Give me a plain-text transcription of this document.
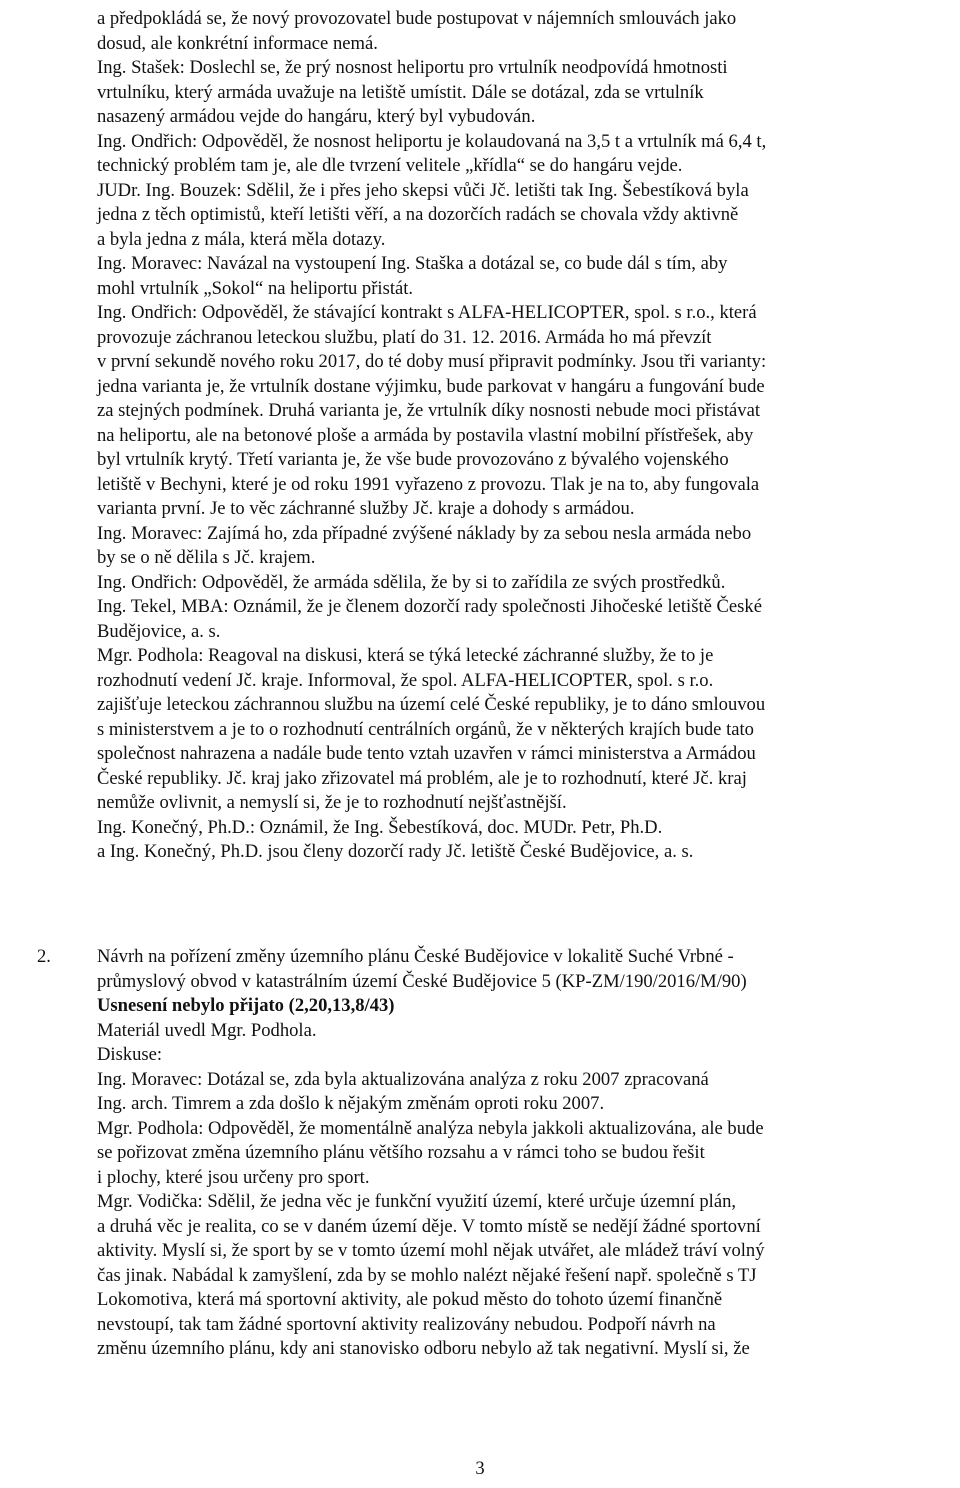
a předpokládá se, že nový provozovatel bude postupovat v nájemních smlouvách jako
dosud, ale konkrétní informace nemá.
Ing. Stašek: Doslechl se, že prý nosnost heliportu pro vrtulník neodpovídá hmotnosti
vrtulníku, který armáda uvažuje na letiště umístit. Dále se dotázal, zda se vrtulník
nasazený armádou vejde do hangáru, který byl vybudován.
Ing. Ondřich: Odpověděl, že nosnost heliportu je kolaudovaná na 3,5 t a vrtulník má 6,4 t,
technický problém tam je, ale dle tvrzení velitele „křídla“ se do hangáru vejde.
JUDr. Ing. Bouzek: Sdělil, že i přes jeho skepsi vůči Jč. letišti tak Ing. Šebestíková byla
jedna z těch optimistů, kteří letišti věří, a na dozorčích radách se chovala vždy aktivně
a byla jedna z mála, která měla dotazy.
Ing. Moravec: Navázal na vystoupení Ing. Staška a dotázal se, co bude dál s tím, aby
mohl vrtulník „Sokol“ na heliportu přistát.
Ing. Ondřich: Odpověděl, že stávající kontrakt s ALFA-HELICOPTER, spol. s r.o., která
provozuje záchranou leteckou službu, platí do 31. 12. 2016. Armáda ho má převzít
v první sekundě nového roku 2017, do té doby musí připravit podmínky. Jsou tři varianty:
jedna varianta je, že vrtulník dostane výjimku, bude parkovat v hangáru a fungování bude
za stejných podmínek. Druhá varianta je, že vrtulník díky nosnosti nebude moci přistávat
na heliportu, ale na betonové ploše a armáda by postavila vlastní mobilní přístřešek, aby
byl vrtulník krytý. Třetí varianta je, že vše bude provozováno z bývalého vojenského
letiště v Bechyni, které je od roku 1991 vyřazeno z provozu. Tlak je na to, aby fungovala
varianta první. Je to věc záchranné služby Jč. kraje a dohody s armádou.
Ing. Moravec: Zajímá ho, zda případné zvýšené náklady by za sebou nesla armáda nebo
by se o ně dělila s Jč. krajem.
Ing. Ondřich: Odpověděl, že armáda sdělila, že by si to zařídila ze svých prostředků.
Ing. Tekel, MBA: Oznámil, že je členem dozorčí rady společnosti Jihočeské letiště České
Budějovice, a. s.
Mgr. Podhola: Reagoval na diskusi, která se týká letecké záchranné služby, že to je
rozhodnutí vedení Jč. kraje. Informoval, že spol. ALFA-HELICOPTER, spol. s r.o.
zajišťuje leteckou záchrannou službu na území celé České republiky, je to dáno smlouvou
s ministerstvem a je to o rozhodnutí centrálních orgánů, že v některých krajích bude tato
společnost nahrazena a nadále bude tento vztah uzavřen v rámci ministerstva a Armádou
České republiky. Jč. kraj jako zřizovatel má problém, ale je to rozhodnutí, které Jč. kraj
nemůže ovlivnit, a nemyslí si, že je to rozhodnutí nejšťastnější.
Ing. Konečný, Ph.D.: Oznámil, že Ing. Šebestíková, doc. MUDr. Petr, Ph.D.
a Ing. Konečný, Ph.D. jsou členy dozorčí rady Jč. letiště České Budějovice, a. s.
2. Návrh na pořízení změny územního plánu České Budějovice v lokalitě Suché Vrbné -
průmyslový obvod v katastrálním území České Budějovice 5 (KP-ZM/190/2016/M/90)
Usnesení nebylo přijato (2,20,13,8/43)
Materiál uvedl Mgr. Podhola.
Diskuse:
Ing. Moravec: Dotázal se, zda byla aktualizována analýza z roku 2007 zpracovaná
Ing. arch. Timrem a zda došlo k nějakým změnám oproti roku 2007.
Mgr. Podhola: Odpověděl, že momentálně analýza nebyla jakkoli aktualizována, ale bude
se pořizovat změna územního plánu většího rozsahu a v rámci toho se budou řešit
i plochy, které jsou určeny pro sport.
Mgr. Vodička: Sdělil, že jedna věc je funkční využití území, které určuje územní plán,
a druhá věc je realita, co se v daném území děje. V tomto místě se nedějí žádné sportovní
aktivity. Myslí si, že sport by se v tomto území mohl nějak utvářet, ale mládež tráví volný
čas jinak. Nabádal k zamyšlení, zda by se mohlo nalézt nějaké řešení např. společně s TJ
Lokomotiva, která má sportovní aktivity, ale pokud město do tohoto území finančně
nevstoupí, tak tam žádné sportovní aktivity realizovány nebudou. Podpoří návrh na
změnu územního plánu, kdy ani stanovisko odboru nebylo až tak negativní. Myslí si, že
3
